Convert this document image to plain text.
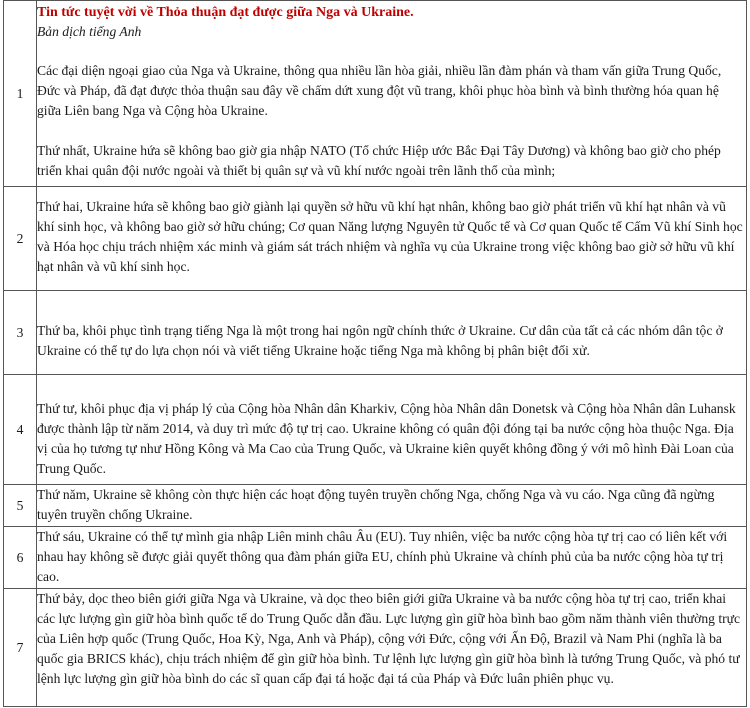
1	Tin tức tuyệt vời về Thỏa thuận đạt được giữa Nga và Ukraine.
Bản dịch tiếng Anh

Các đại diện ngoại giao của Nga và Ukraine, thông qua nhiều lần hòa giải, nhiều lần đàm phán và tham vấn giữa Trung Quốc, Đức và Pháp, đã đạt được thỏa thuận sau đây về chấm dứt xung đột vũ trang, khôi phục hòa bình và bình thường hóa quan hệ giữa Liên bang Nga và Cộng hòa Ukraine.

Thứ nhất, Ukraine hứa sẽ không bao giờ gia nhập NATO (Tổ chức Hiệp ước Bắc Đại Tây Dương) và không bao giờ cho phép triển khai quân đội nước ngoài và thiết bị quân sự và vũ khí nước ngoài trên lãnh thổ của mình;

2	Thứ hai, Ukraine hứa sẽ không bao giờ giành lại quyền sở hữu vũ khí hạt nhân, không bao giờ phát triển vũ khí hạt nhân và vũ khí sinh học, và không bao giờ sở hữu chúng; Cơ quan Năng lượng Nguyên tử Quốc tế và Cơ quan Quốc tế Cấm Vũ khí Sinh học và Hóa học chịu trách nhiệm xác minh và giám sát trách nhiệm và nghĩa vụ của Ukraine trong việc không bao giờ sở hữu vũ khí hạt nhân và vũ khí sinh học.

3	Thứ ba, khôi phục tình trạng tiếng Nga là một trong hai ngôn ngữ chính thức ở Ukraine. Cư dân của tất cả các nhóm dân tộc ở Ukraine có thể tự do lựa chọn nói và viết tiếng Ukraine hoặc tiếng Nga mà không bị phân biệt đối xử.

4	Thứ tư, khôi phục địa vị pháp lý của Cộng hòa Nhân dân Kharkiv, Cộng hòa Nhân dân Donetsk và Cộng hòa Nhân dân Luhansk được thành lập từ năm 2014, và duy trì mức độ tự trị cao. Ukraine không có quân đội đóng tại ba nước cộng hòa thuộc Nga. Địa vị của họ tương tự như Hồng Kông và Ma Cao của Trung Quốc, và Ukraine kiên quyết không đồng ý với mô hình Đài Loan của Trung Quốc.

5	Thứ năm, Ukraine sẽ không còn thực hiện các hoạt động tuyên truyền chống Nga, chống Nga và vu cáo. Nga cũng đã ngừng tuyên truyền chống Ukraine.

6	Thứ sáu, Ukraine có thể tự mình gia nhập Liên minh châu Âu (EU). Tuy nhiên, việc ba nước cộng hòa tự trị cao có liên kết với nhau hay không sẽ được giải quyết thông qua đàm phán giữa EU, chính phủ Ukraine và chính phủ của ba nước cộng hòa tự trị cao.

7	Thứ bảy, dọc theo biên giới giữa Nga và Ukraine, và dọc theo biên giới giữa Ukraine và ba nước cộng hòa tự trị cao, triển khai các lực lượng gìn giữ hòa bình quốc tế do Trung Quốc dẫn đầu. Lực lượng gìn giữ hòa bình bao gồm năm thành viên thường trực của Liên hợp quốc (Trung Quốc, Hoa Kỳ, Nga, Anh và Pháp), cộng với Đức, cộng với Ấn Độ, Brazil và Nam Phi (nghĩa là ba quốc gia BRICS khác), chịu trách nhiệm để gìn giữ hòa bình. Tư lệnh lực lượng gìn giữ hòa bình là tướng Trung Quốc, và phó tư lệnh lực lượng gìn giữ hòa bình do các sĩ quan cấp đại tá hoặc đại tá của Pháp và Đức luân phiên phục vụ.
